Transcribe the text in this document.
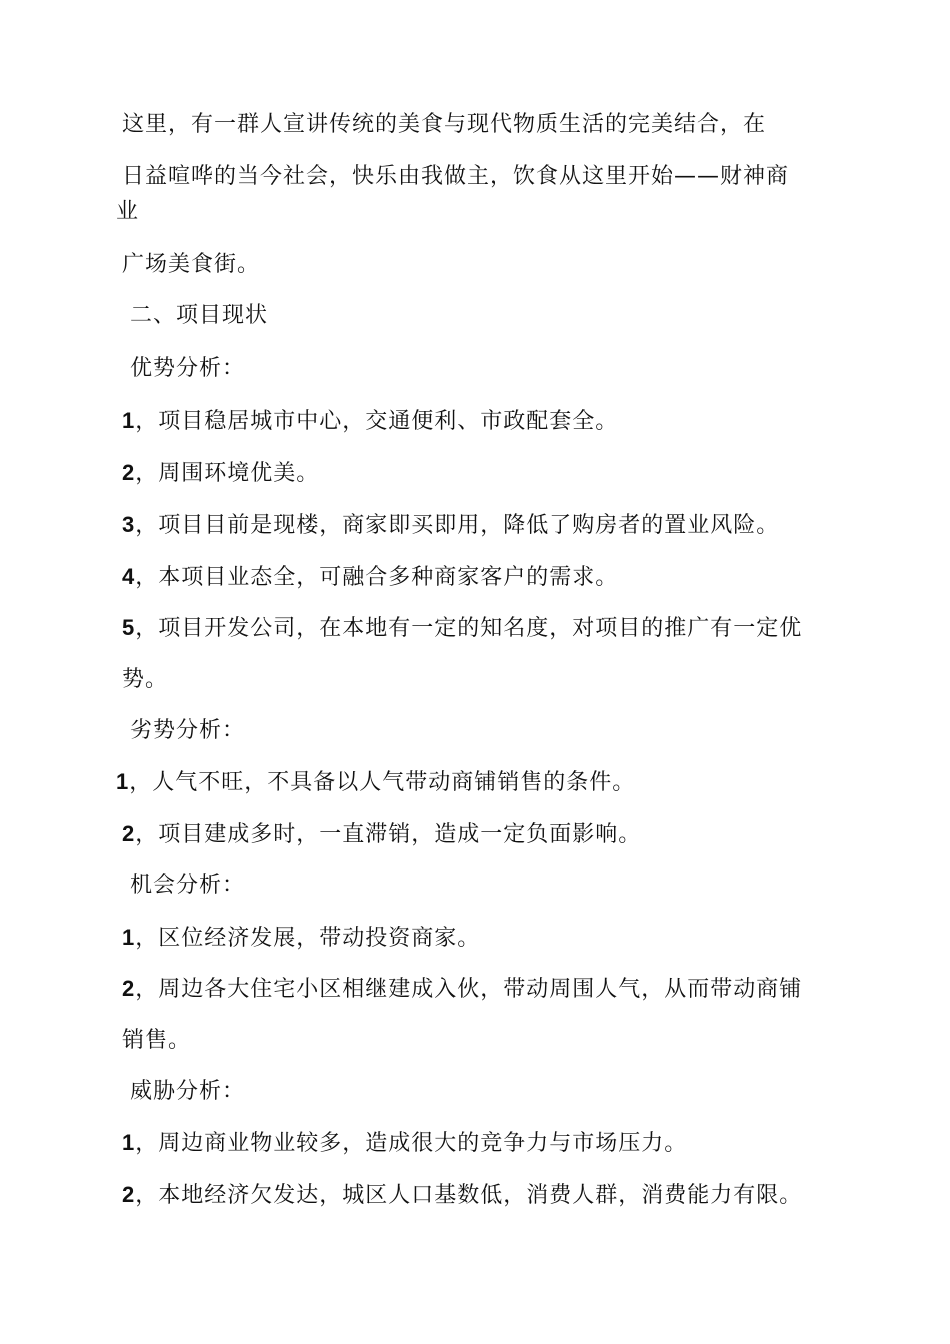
这里，有一群人宣讲传统的美食与现代物质生活的完美结合，在
日益喧哗的当今社会，快乐由我做主，饮食从这里开始——财神商
业
广场美食街。
二、项目现状
优势分析：
1，项目稳居城市中心，交通便利、市政配套全。
2，周围环境优美。
3，项目目前是现楼，商家即买即用，降低了购房者的置业风险。
4，本项目业态全，可融合多种商家客户的需求。
5，项目开发公司，在本地有一定的知名度，对项目的推广有一定优
势。
劣势分析：
1，人气不旺，不具备以人气带动商铺销售的条件。
2，项目建成多时，一直滞销，造成一定负面影响。
机会分析：
1，区位经济发展，带动投资商家。
2，周边各大住宅小区相继建成入伙，带动周围人气，从而带动商铺
销售。
威胁分析：
1，周边商业物业较多，造成很大的竞争力与市场压力。
2，本地经济欠发达，城区人口基数低，消费人群，消费能力有限。
